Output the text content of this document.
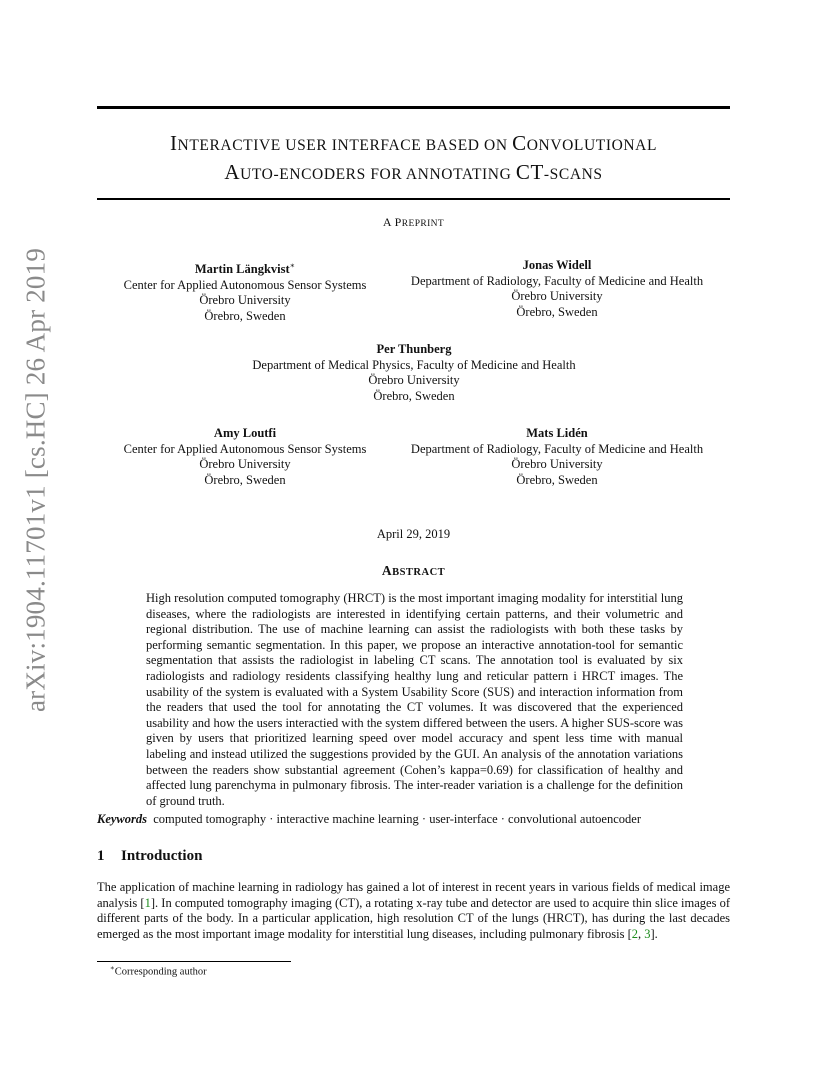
arXiv:1904.11701v1 [cs.HC] 26 Apr 2019
INTERACTIVE USER INTERFACE BASED ON CONVOLUTIONAL
AUTO-ENCODERS FOR ANNOTATING CT-SCANS
A PREPRINT
Martin Längkvist∗
Center for Applied Autonomous Sensor Systems
Örebro University
Örebro, Sweden
Jonas Widell
Department of Radiology, Faculty of Medicine and Health
Örebro University
Örebro, Sweden
Per Thunberg
Department of Medical Physics, Faculty of Medicine and Health
Örebro University
Örebro, Sweden
Amy Loutfi
Center for Applied Autonomous Sensor Systems
Örebro University
Örebro, Sweden
Mats Lidén
Department of Radiology, Faculty of Medicine and Health
Örebro University
Örebro, Sweden
April 29, 2019
ABSTRACT

High resolution computed tomography (HRCT) is the most important imaging modality for interstitial lung diseases, where the radiologists are interested in identifying certain patterns, and their volumetric and regional distribution. The use of machine learning can assist the radiologists with both these tasks by performing semantic segmentation. In this paper, we propose an interactive annotation-tool for semantic segmentation that assists the radiologist in labeling CT scans. The annotation tool is evaluated by six radiologists and radiology residents classifying healthy lung and reticular pattern i HRCT images. The usability of the system is evaluated with a System Usability Score (SUS) and interaction information from the readers that used the tool for annotating the CT volumes. It was discovered that the experienced usability and how the users interactied with the system differed between the users. A higher SUS-score was given by users that prioritized learning speed over model accuracy and spent less time with manual labeling and instead utilized the suggestions provided by the GUI. An analysis of the annotation variations between the readers show substantial agreement (Cohen’s kappa=0.69) for classification of healthy and affected lung parenchyma in pulmonary fibrosis. The inter-reader variation is a challenge for the definition of ground truth.

Keywords computed tomography · interactive machine learning · user-interface · convolutional autoencoder
1 Introduction

The application of machine learning in radiology has gained a lot of interest in recent years in various fields of medical image analysis [1]. In computed tomography imaging (CT), a rotating x-ray tube and detector are used to acquire thin slice images of different parts of the body. In a particular application, high resolution CT of the lungs (HRCT), has during the last decades emerged as the most important image modality for interstitial lung diseases, including pulmonary fibrosis [2, 3].

∗Corresponding author
